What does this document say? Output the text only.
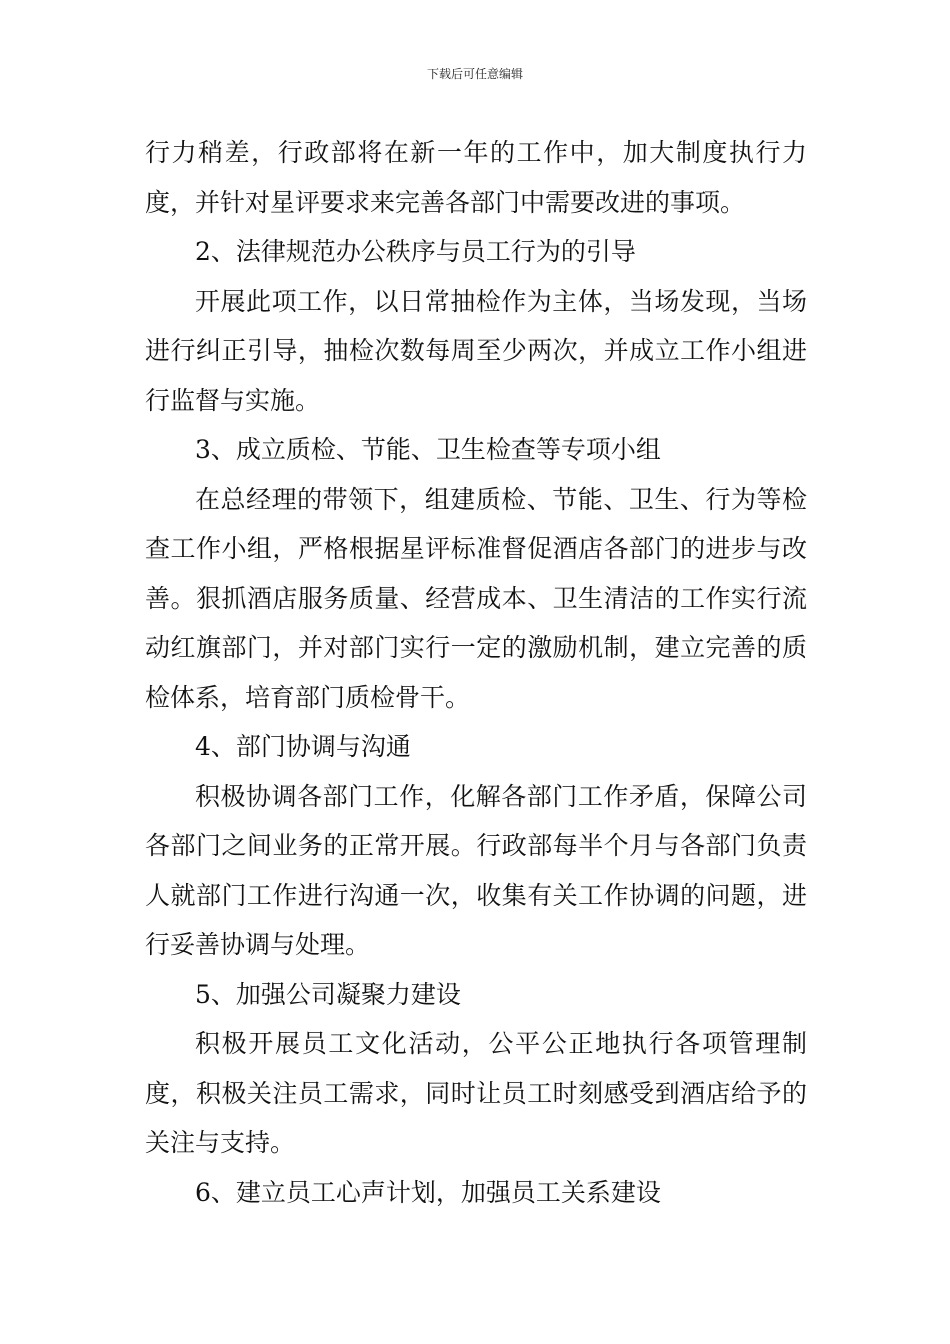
下载后可任意编辑

行力稍差，行政部将在新一年的工作中，加大制度执行力度，并针对星评要求来完善各部门中需要改进的事项。

2、法律规范办公秩序与员工行为的引导

开展此项工作，以日常抽检作为主体，当场发现，当场进行纠正引导，抽检次数每周至少两次，并成立工作小组进行监督与实施。

3、成立质检、节能、卫生检查等专项小组

在总经理的带领下，组建质检、节能、卫生、行为等检查工作小组，严格根据星评标准督促酒店各部门的进步与改善。狠抓酒店服务质量、经营成本、卫生清洁的工作实行流动红旗部门，并对部门实行一定的激励机制，建立完善的质检体系，培育部门质检骨干。

4、部门协调与沟通

积极协调各部门工作，化解各部门工作矛盾，保障公司各部门之间业务的正常开展。行政部每半个月与各部门负责人就部门工作进行沟通一次，收集有关工作协调的问题，进行妥善协调与处理。

5、加强公司凝聚力建设

积极开展员工文化活动，公平公正地执行各项管理制度，积极关注员工需求，同时让员工时刻感受到酒店给予的关注与支持。

6、建立员工心声计划，加强员工关系建设
